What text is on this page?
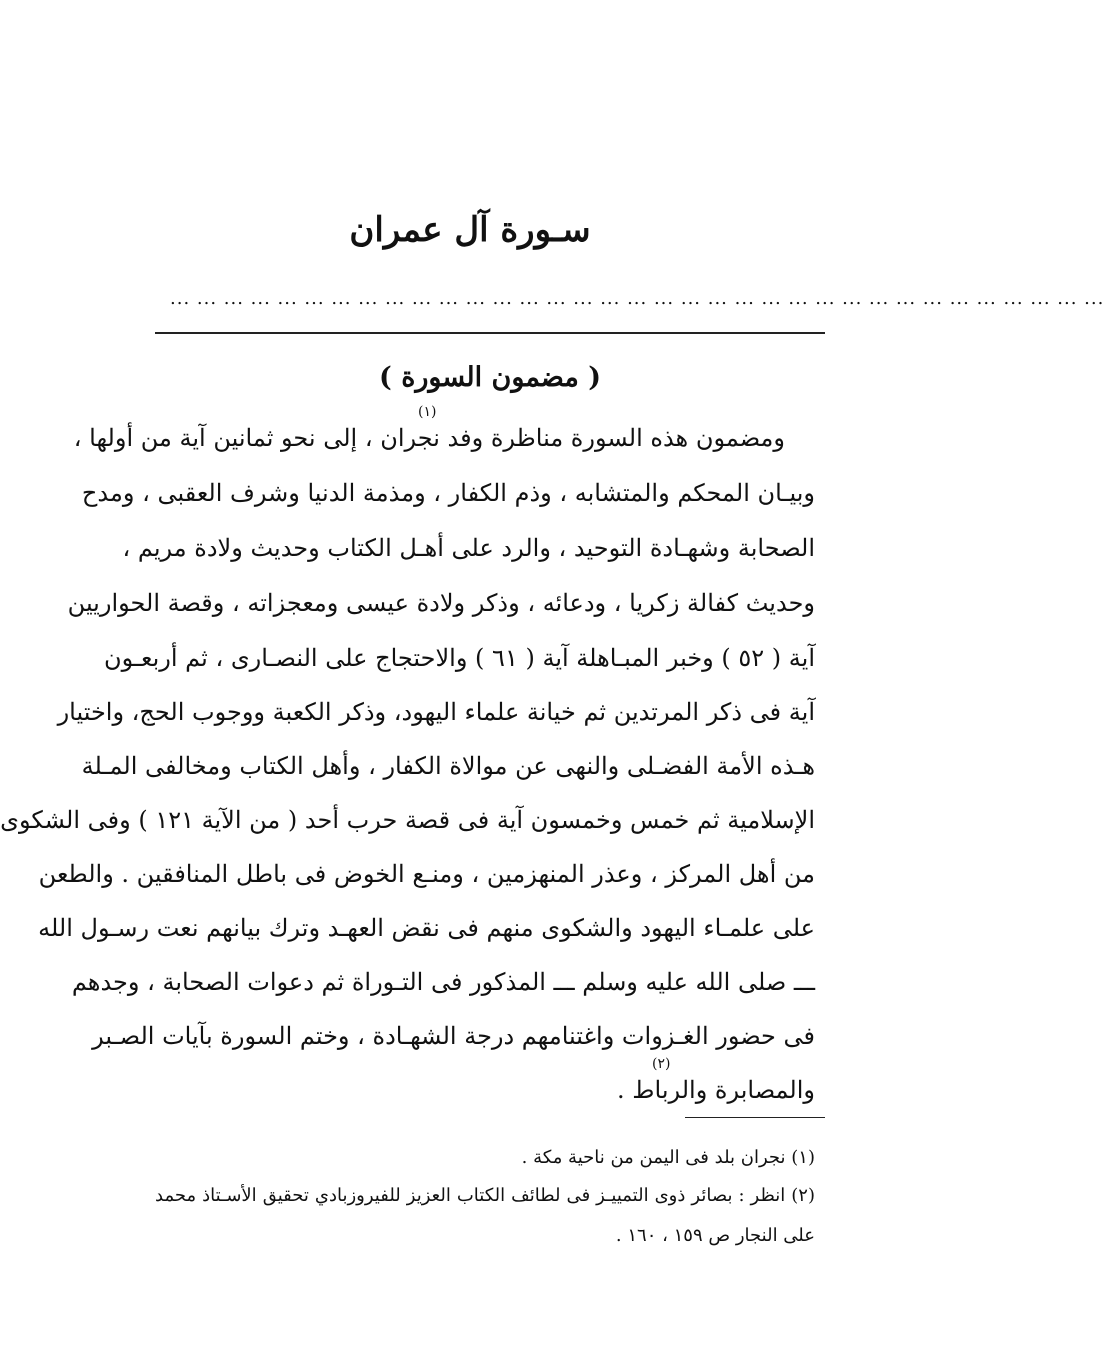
سـورة آل عمران
... ... ... ... ... ... ... ... ... ... ... ... ... ... ... ... ... ... ... ... ... ... ... ... ... ... ... ... ... ... ... ... ... ... ...
( مضمون السورة )
ومضمون هذه السورة مناظرة وفد نجران ، إلى نحو ثمانين آية من أولها ،
(١)
وبيـان المحكم والمتشابه ، وذم الكفار ، ومذمة الدنيا وشرف العقبى ، ومدح
الصحابة وشهـادة التوحيد ، والرد على أهـل الكتاب وحديث ولادة مريم ،
وحديث كفالة زكريا ، ودعائه ، وذكر ولادة عيسى ومعجزاته ، وقصة الحواريين
آية ( ٥٢ ) وخبر المبـاهلة آية ( ٦١ ) والاحتجاج على النصـارى ، ثم أربعـون
آية فى ذكر المرتدين ثم خيانة علماء اليهود، وذكر الكعبة ووجوب الحج، واختيار
هـذه الأمة الفضـلى والنهى عن موالاة الكفار ، وأهل الكتاب ومخالفى المـلة
الإسلامية ثم خمس وخمسون آية فى قصة حرب أحد ( من الآية ١٢١ ) وفى الشكوى
من أهل المركز ، وعذر المنهزمين ، ومنـع الخوض فى باطل المنافقين . والطعن
على علمـاء اليهود والشكوى منهم فى نقض العهـد وترك بيانهم نعت رسـول الله
ـــ صلى الله عليه وسلم ـــ المذكور فى التـوراة ثم دعوات الصحابة ، وجدهم
فى حضور الغـزوات واغتنامهم درجة الشهـادة ، وختم السورة بآيات الصـبر
والمصابرة والرباط .
(٢)
(١) نجران بلد فى اليمن من ناحية مكة .
(٢) انظر : بصائر ذوى التمييـز فى لطائف الكتاب العزيز للفيروزبادي تحقيق الأسـتاذ محمد
على النجار ص ١٥٩ ، ١٦٠ .
